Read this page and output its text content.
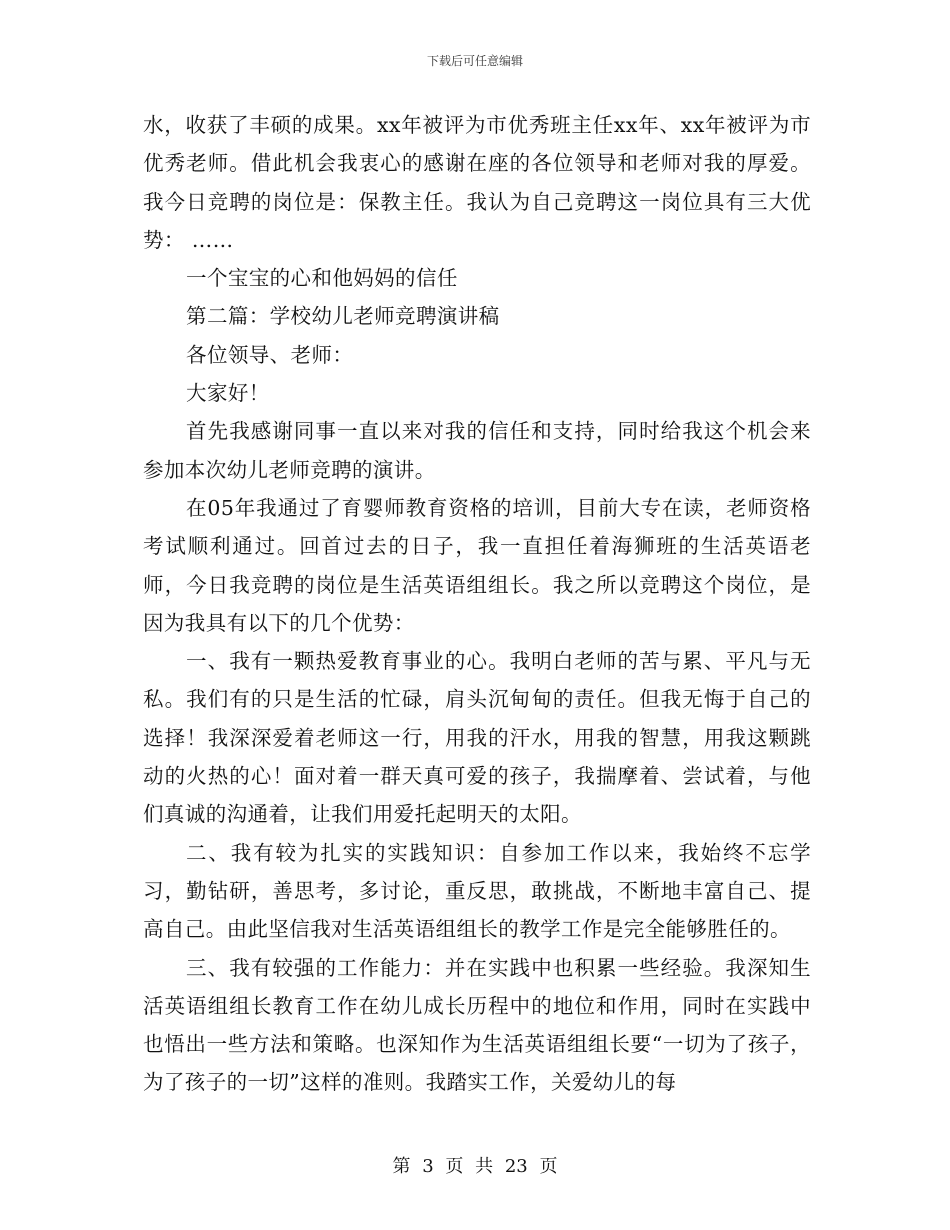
下载后可任意编辑

水，收获了丰硕的成果。xx年被评为市优秀班主任xx年、xx年被评为市优秀老师。借此机会我衷心的感谢在座的各位领导和老师对我的厚爱。 我今日竞聘的岗位是：保教主任。我认为自己竞聘这一岗位具有三大优势： ……

一个宝宝的心和他妈妈的信任

第二篇：学校幼儿老师竞聘演讲稿

各位领导、老师：

大家好！

首先我感谢同事一直以来对我的信任和支持，同时给我这个机会来参加本次幼儿老师竞聘的演讲。

在05年我通过了育婴师教育资格的培训，目前大专在读，老师资格考试顺利通过。回首过去的日子，我一直担任着海狮班的生活英语老师，今日我竞聘的岗位是生活英语组组长。我之所以竞聘这个岗位，是因为我具有以下的几个优势：

一、我有一颗热爱教育事业的心。我明白老师的苦与累、平凡与无私。我们有的只是生活的忙碌，肩头沉甸甸的责任。但我无悔于自己的选择！我深深爱着老师这一行，用我的汗水，用我的智慧，用我这颗跳动的火热的心！面对着一群天真可爱的孩子，我揣摩着、尝试着，与他们真诚的沟通着，让我们用爱托起明天的太阳。

二、我有较为扎实的实践知识：自参加工作以来，我始终不忘学习，勤钻研，善思考，多讨论，重反思，敢挑战，不断地丰富自己、提高自己。由此坚信我对生活英语组组长的教学工作是完全能够胜任的。

三、我有较强的工作能力：并在实践中也积累一些经验。我深知生活英语组组长教育工作在幼儿成长历程中的地位和作用，同时在实践中也悟出一些方法和策略。也深知作为生活英语组组长要“一切为了孩子，为了孩子的一切”这样的准则。我踏实工作，关爱幼儿的每

第 3 页 共 23 页
